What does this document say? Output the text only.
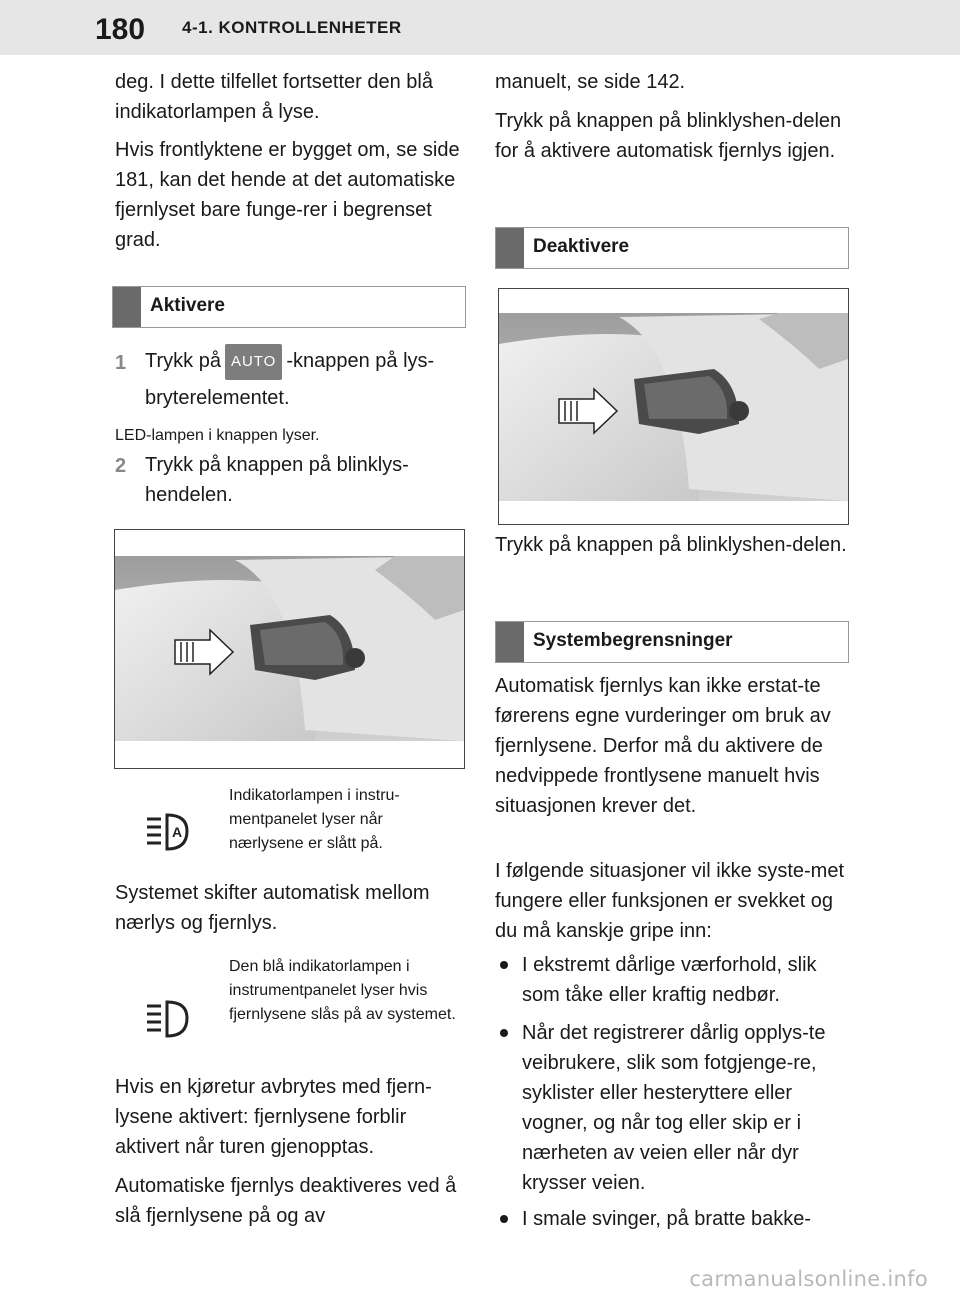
180	4-1. KONTROLLENHETER

deg. I dette tilfellet fortsetter den blå indikatorlampen å lyse.

Hvis frontlyktene er bygget om, se side 181, kan det hende at det automatiske fjernlyset bare funge-rer i begrenset grad.

Aktivere
1 Trykk på AUTO -knappen på lys-
bryterelementet.
LED-lampen i knappen lyser.
2 Trykk på knappen på blinklys-hendelen.

A
Indikatorlampen i instru-mentpanelet lyser når nærlysene er slått på.

Systemet skifter automatisk mellom nærlys og fjernlys.

Den blå indikatorlampen i instrumentpanelet lyser hvis fjernlysene slås på av systemet.

Hvis en kjøretur avbrytes med fjern-lysene aktivert: fjernlysene forblir aktivert når turen gjenopptas.

Automatiske fjernlys deaktiveres ved å slå fjernlysene på og av

manuelt, se side 142.

Trykk på knappen på blinklyshen-delen for å aktivere automatisk fjernlys igjen.

Deaktivere

Trykk på knappen på blinklyshen-delen.

Systembegrensninger

Automatisk fjernlys kan ikke erstat-te førerens egne vurderinger om bruk av fjernlysene. Derfor må du aktivere de nedvippede frontlysene manuelt hvis situasjonen krever det.

I følgende situasjoner vil ikke syste-met fungere eller funksjonen er svekket og du må kanskje gripe inn:

I ekstremt dårlige værforhold, slik som tåke eller kraftig nedbør.
Når det registrerer dårlig opplys-te veibrukere, slik som fotgjenge-re, syklister eller hesteryttere eller vogner, og når tog eller skip er i nærheten av veien eller når dyr krysser veien.
I smale svinger, på bratte bakke-
carmanualsonline.info
